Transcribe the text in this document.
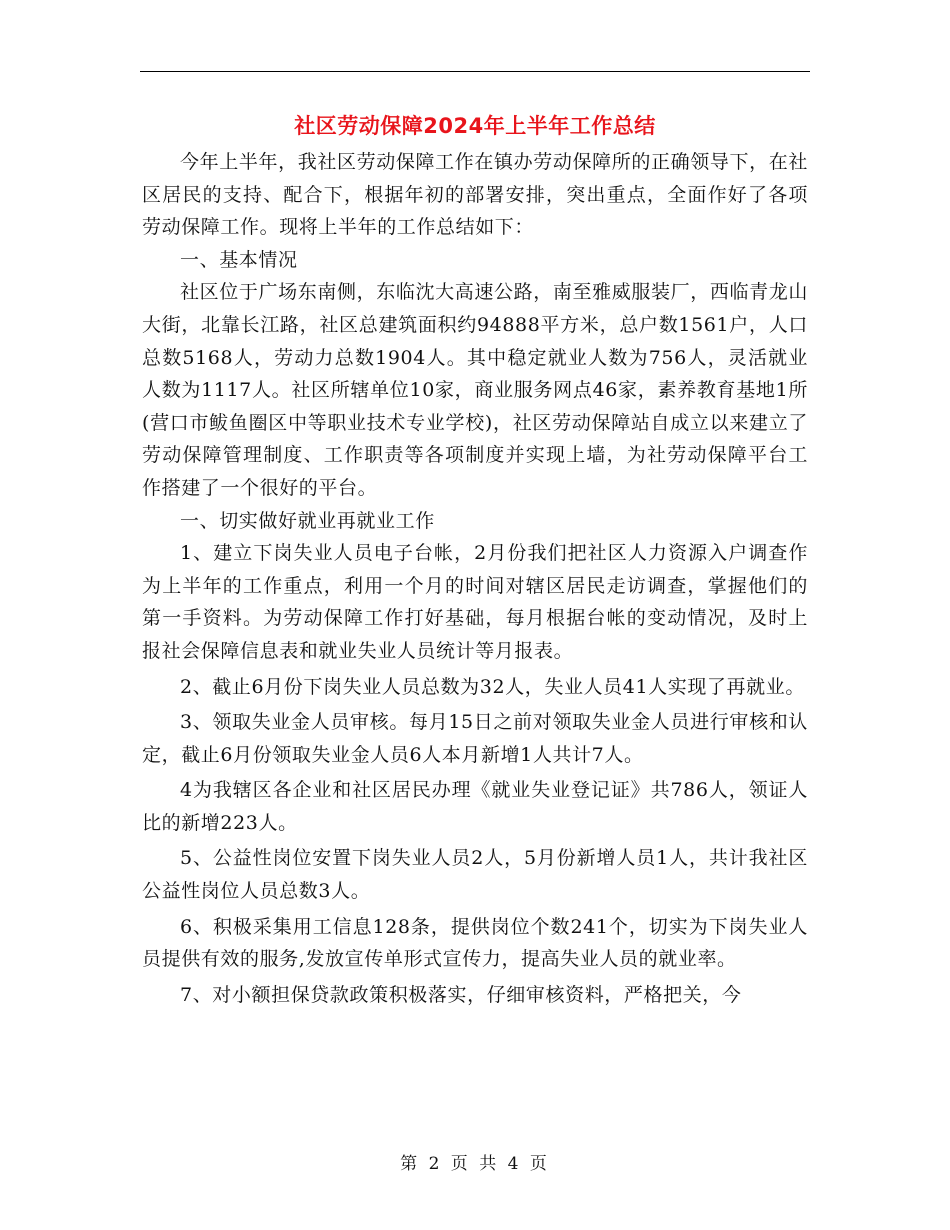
社区劳动保障2024年上半年工作总结

今年上半年，我社区劳动保障工作在镇办劳动保障所的正确领导下，在社区居民的支持、配合下，根据年初的部署安排，突出重点，全面作好了各项劳动保障工作。现将上半年的工作总结如下：

一、基本情况

社区位于广场东南侧，东临沈大高速公路，南至雅威服装厂，西临青龙山大街，北靠长江路，社区总建筑面积约94888平方米，总户数1561户，人口总数5168人，劳动力总数1904人。其中稳定就业人数为756人，灵活就业人数为1117人。社区所辖单位10家，商业服务网点46家，素养教育基地1所(营口市鲅鱼圈区中等职业技术专业学校)，社区劳动保障站自成立以来建立了劳动保障管理制度、工作职责等各项制度并实现上墙，为社劳动保障平台工作搭建了一个很好的平台。

一、切实做好就业再就业工作

1、建立下岗失业人员电子台帐，2月份我们把社区人力资源入户调查作为上半年的工作重点，利用一个月的时间对辖区居民走访调查，掌握他们的第一手资料。为劳动保障工作打好基础，每月根据台帐的变动情况，及时上报社会保障信息表和就业失业人员统计等月报表。

2、截止6月份下岗失业人员总数为32人，失业人员41人实现了再就业。

3、领取失业金人员审核。每月15日之前对领取失业金人员进行审核和认定，截止6月份领取失业金人员6人本月新增1人共计7人。

4为我辖区各企业和社区居民办理《就业失业登记证》共786人，领证人比的新增223人。

5、公益性岗位安置下岗失业人员2人，5月份新增人员1人，共计我社区公益性岗位人员总数3人。

6、积极采集用工信息128条，提供岗位个数241个，切实为下岗失业人员提供有效的服务,发放宣传单形式宣传力，提高失业人员的就业率。

7、对小额担保贷款政策积极落实，仔细审核资料，严格把关，今

第 2 页 共 4 页
